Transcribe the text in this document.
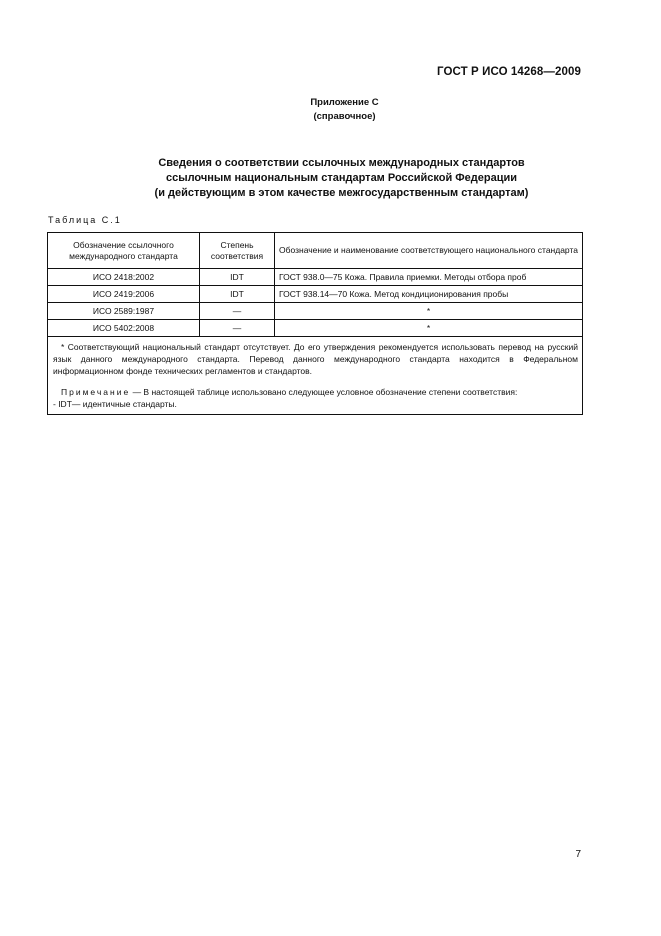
ГОСТ Р ИСО 14268—2009
Приложение С
(справочное)
Сведения о соответствии ссылочных международных стандартов
ссылочным национальным стандартам Российской Федерации
(и действующим в этом качестве межгосударственным стандартам)
Таблица С.1
Обозначение ссылочного международного стандарта	Степень соответствия	Обозначение и наименование соответствующего национального стандарта
ИСО 2418:2002	IDT	ГОСТ 938.0—75 Кожа. Правила приемки. Методы отбора проб
ИСО 2419:2006	IDT	ГОСТ 938.14—70 Кожа. Метод кондиционирования пробы
ИСО 2589:1987	—	*
ИСО 5402:2008	—	*

* Соответствующий национальный стандарт отсутствует. До его утверждения рекомендуется использовать перевод на русский язык данного международного стандарта. Перевод данного международного стандарта находится в Федеральном информационном фонде технических регламентов и стандартов.

Примечание — В настоящей таблице использовано следующее условное обозначение степени соответствия:

- IDT— идентичные стандарты.		

7
